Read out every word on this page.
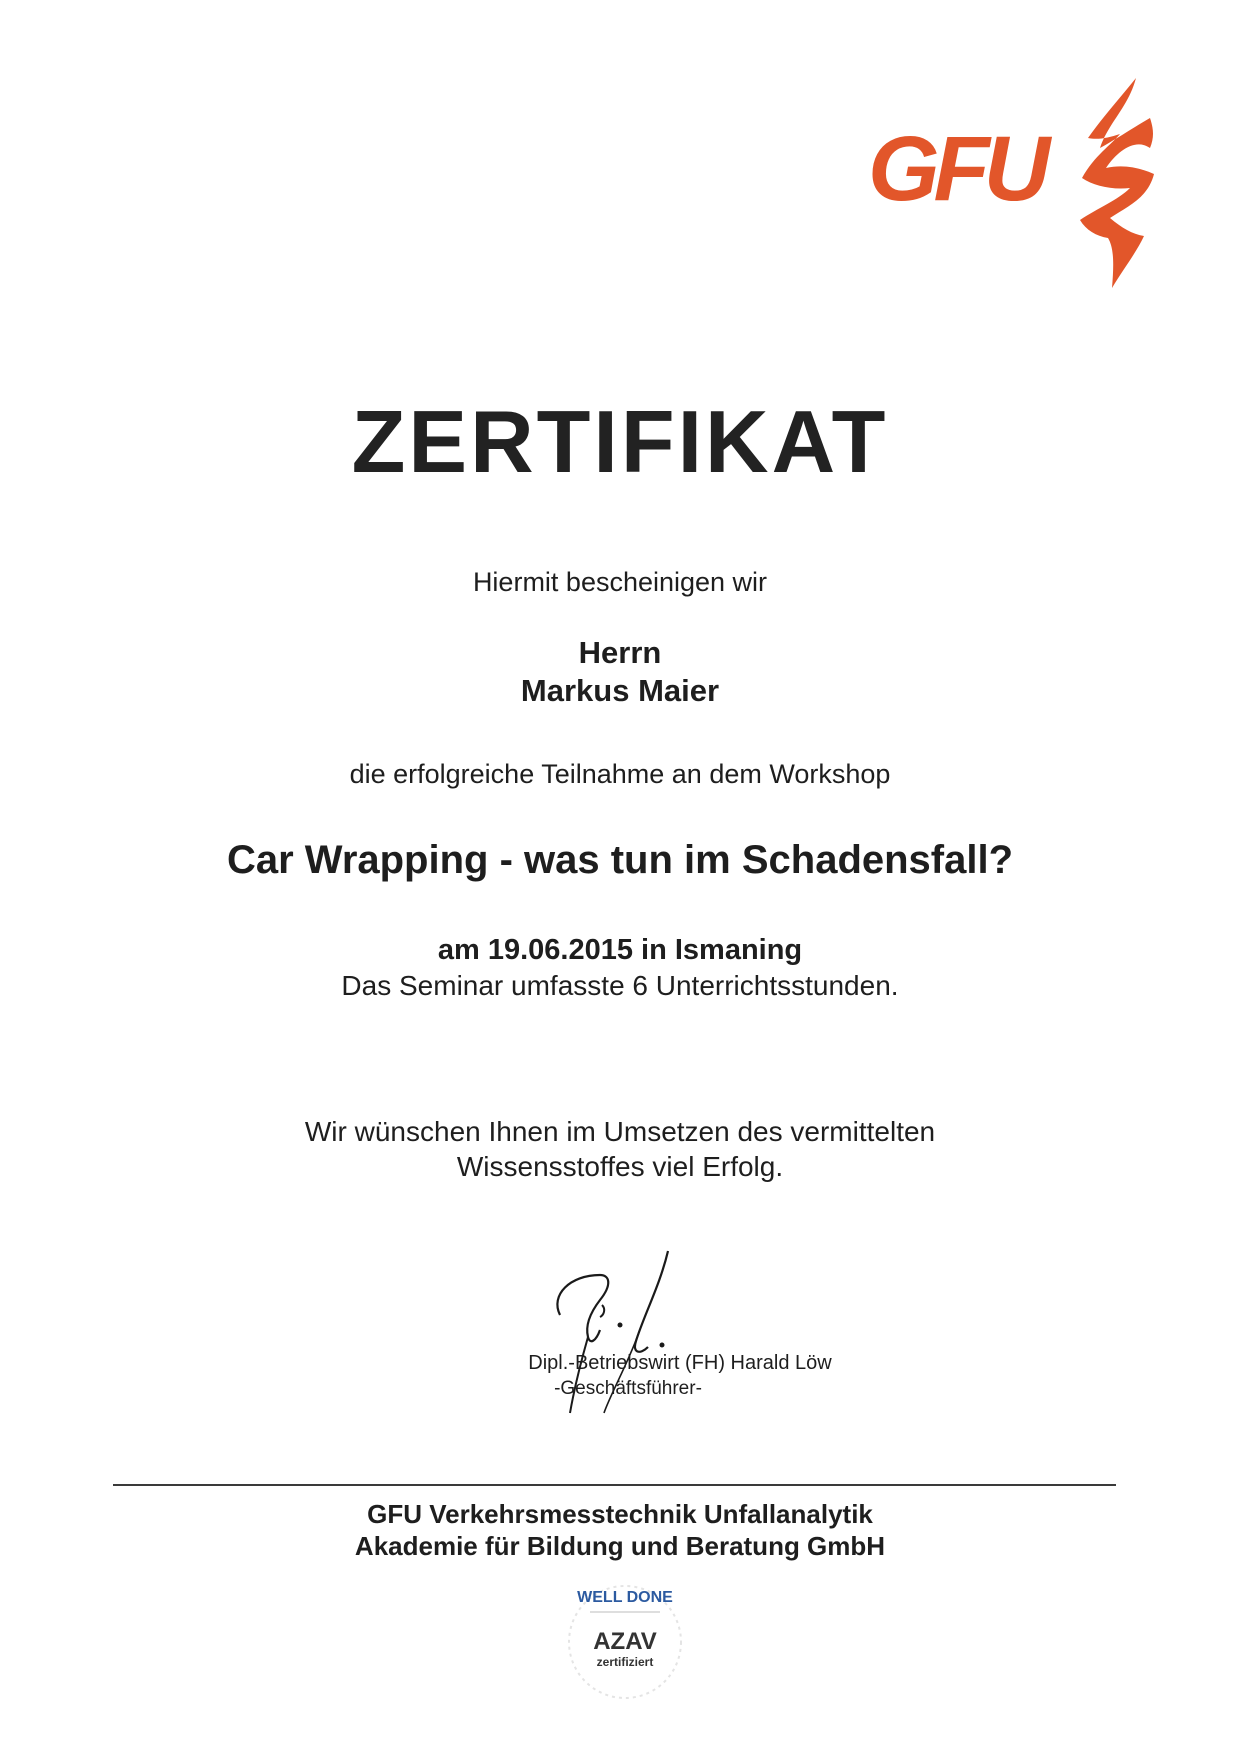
GFU
ZERTIFIKAT
Hiermit bescheinigen wir
Herrn
Markus Maier
die erfolgreiche Teilnahme an dem Workshop
Car Wrapping - was tun im Schadensfall?
am 19.06.2015 in Ismaning
Das Seminar umfasste 6 Unterrichtsstunden.
Wir wünschen Ihnen im Umsetzen des vermittelten
Wissensstoffes viel Erfolg.
Dipl.-Betriebswirt (FH) Harald Löw
-Geschäftsführer-
GFU Verkehrsmesstechnik Unfallanalytik
Akademie für Bildung und Beratung GmbH
WELL DONE
AZAV
zertifiziert
